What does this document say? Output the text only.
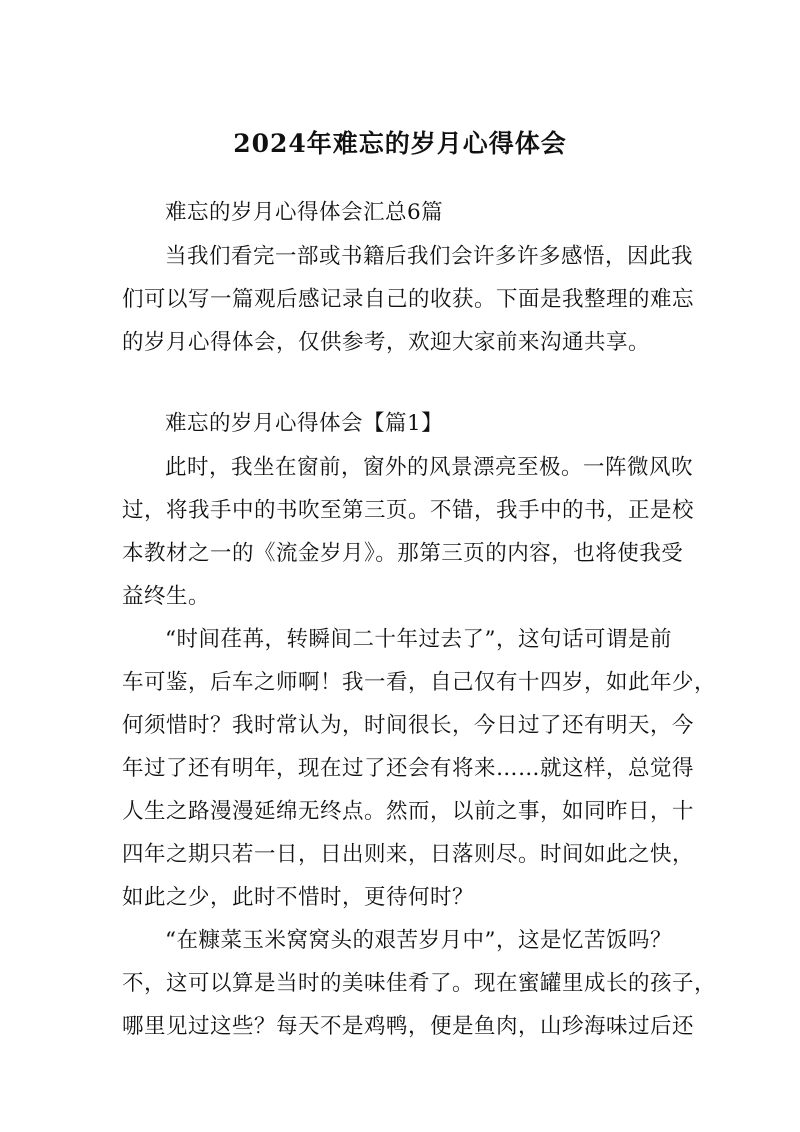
2024年难忘的岁月心得体会
难忘的岁月心得体会汇总6篇
当我们看完一部或书籍后我们会许多许多感悟，因此我
们可以写一篇观后感记录自己的收获。下面是我整理的难忘
的岁月心得体会，仅供参考，欢迎大家前来沟通共享。
难忘的岁月心得体会【篇1】
此时，我坐在窗前，窗外的风景漂亮至极。一阵微风吹
过，将我手中的书吹至第三页。不错，我手中的书，正是校
本教材之一的《流金岁月》。那第三页的内容，也将使我受
益终生。
“时间荏苒，转瞬间二十年过去了”，这句话可谓是前
车可鉴，后车之师啊！我一看，自己仅有十四岁，如此年少，
何须惜时？我时常认为，时间很长，今日过了还有明天，今
年过了还有明年，现在过了还会有将来……就这样，总觉得
人生之路漫漫延绵无终点。然而，以前之事，如同昨日，十
四年之期只若一日，日出则来，日落则尽。时间如此之快，
如此之少，此时不惜时，更待何时？
“在糠菜玉米窝窝头的艰苦岁月中”，这是忆苦饭吗？
不，这可以算是当时的美味佳肴了。现在蜜罐里成长的孩子，
哪里见过这些？每天不是鸡鸭，便是鱼肉，山珍海味过后还
